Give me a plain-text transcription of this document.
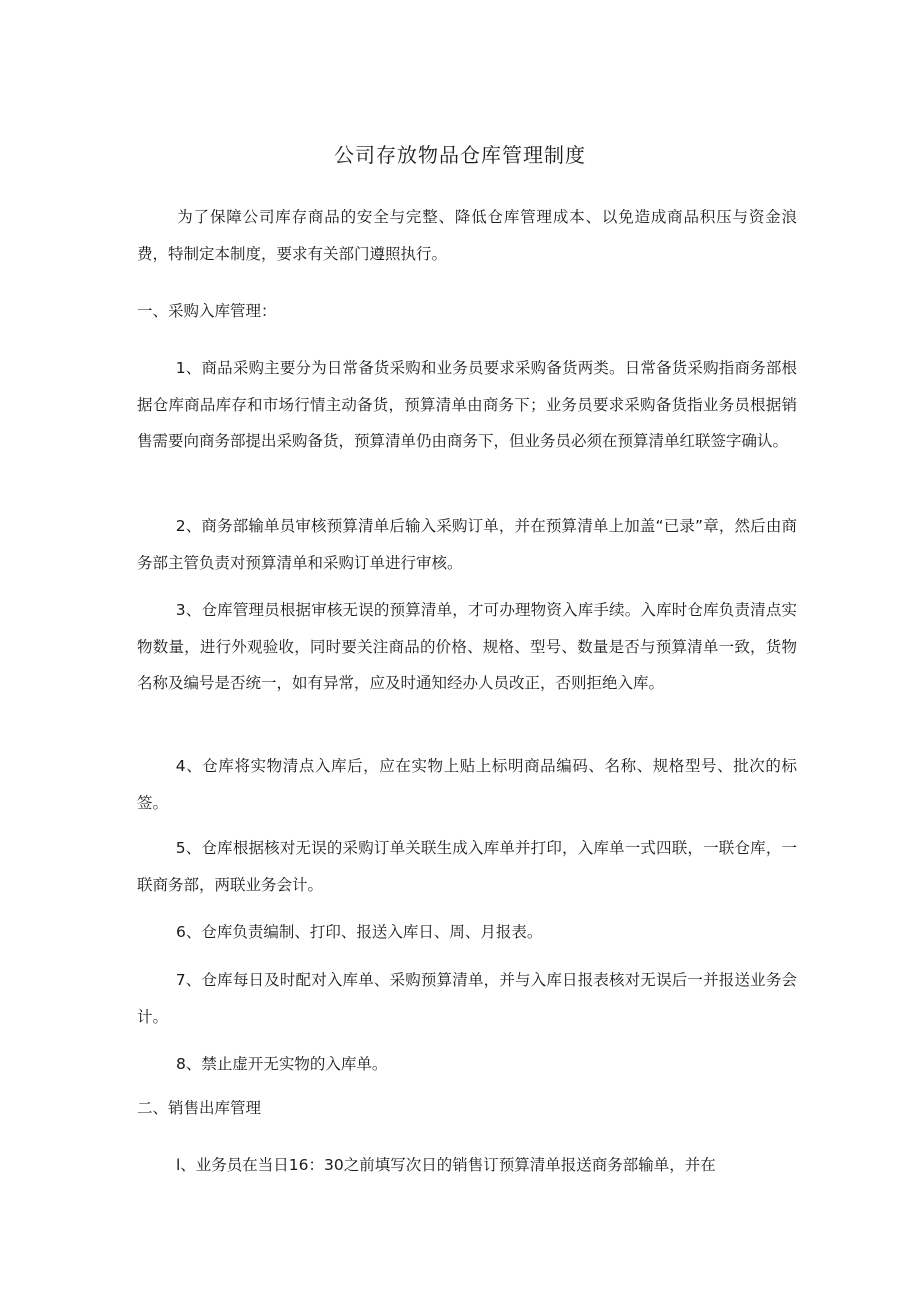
公司存放物品仓库管理制度

为了保障公司库存商品的安全与完整、降低仓库管理成本、以免造成商品积压与资金浪费，特制定本制度，要求有关部门遵照执行。

一、采购入库管理：

1、商品采购主要分为日常备货采购和业务员要求采购备货两类。日常备货采购指商务部根据仓库商品库存和市场行情主动备货，预算清单由商务下；业务员要求采购备货指业务员根据销售需要向商务部提出采购备货，预算清单仍由商务下，但业务员必须在预算清单红联签字确认。

2、商务部输单员审核预算清单后输入采购订单，并在预算清单上加盖“已录”章，然后由商务部主管负责对预算清单和采购订单进行审核。

3、仓库管理员根据审核无误的预算清单，才可办理物资入库手续。入库时仓库负责清点实物数量，进行外观验收，同时要关注商品的价格、规格、型号、数量是否与预算清单一致，货物名称及编号是否统一，如有异常，应及时通知经办人员改正，否则拒绝入库。

4、仓库将实物清点入库后，应在实物上贴上标明商品编码、名称、规格型号、批次的标签。

5、仓库根据核对无误的采购订单关联生成入库单并打印，入库单一式四联，一联仓库，一联商务部，两联业务会计。

6、仓库负责编制、打印、报送入库日、周、月报表。

7、仓库每日及时配对入库单、采购预算清单，并与入库日报表核对无误后一并报送业务会计。

8、禁止虚开无实物的入库单。

二、销售出库管理

l、业务员在当日16：30之前填写次日的销售订预算清单报送商务部输单，并在
